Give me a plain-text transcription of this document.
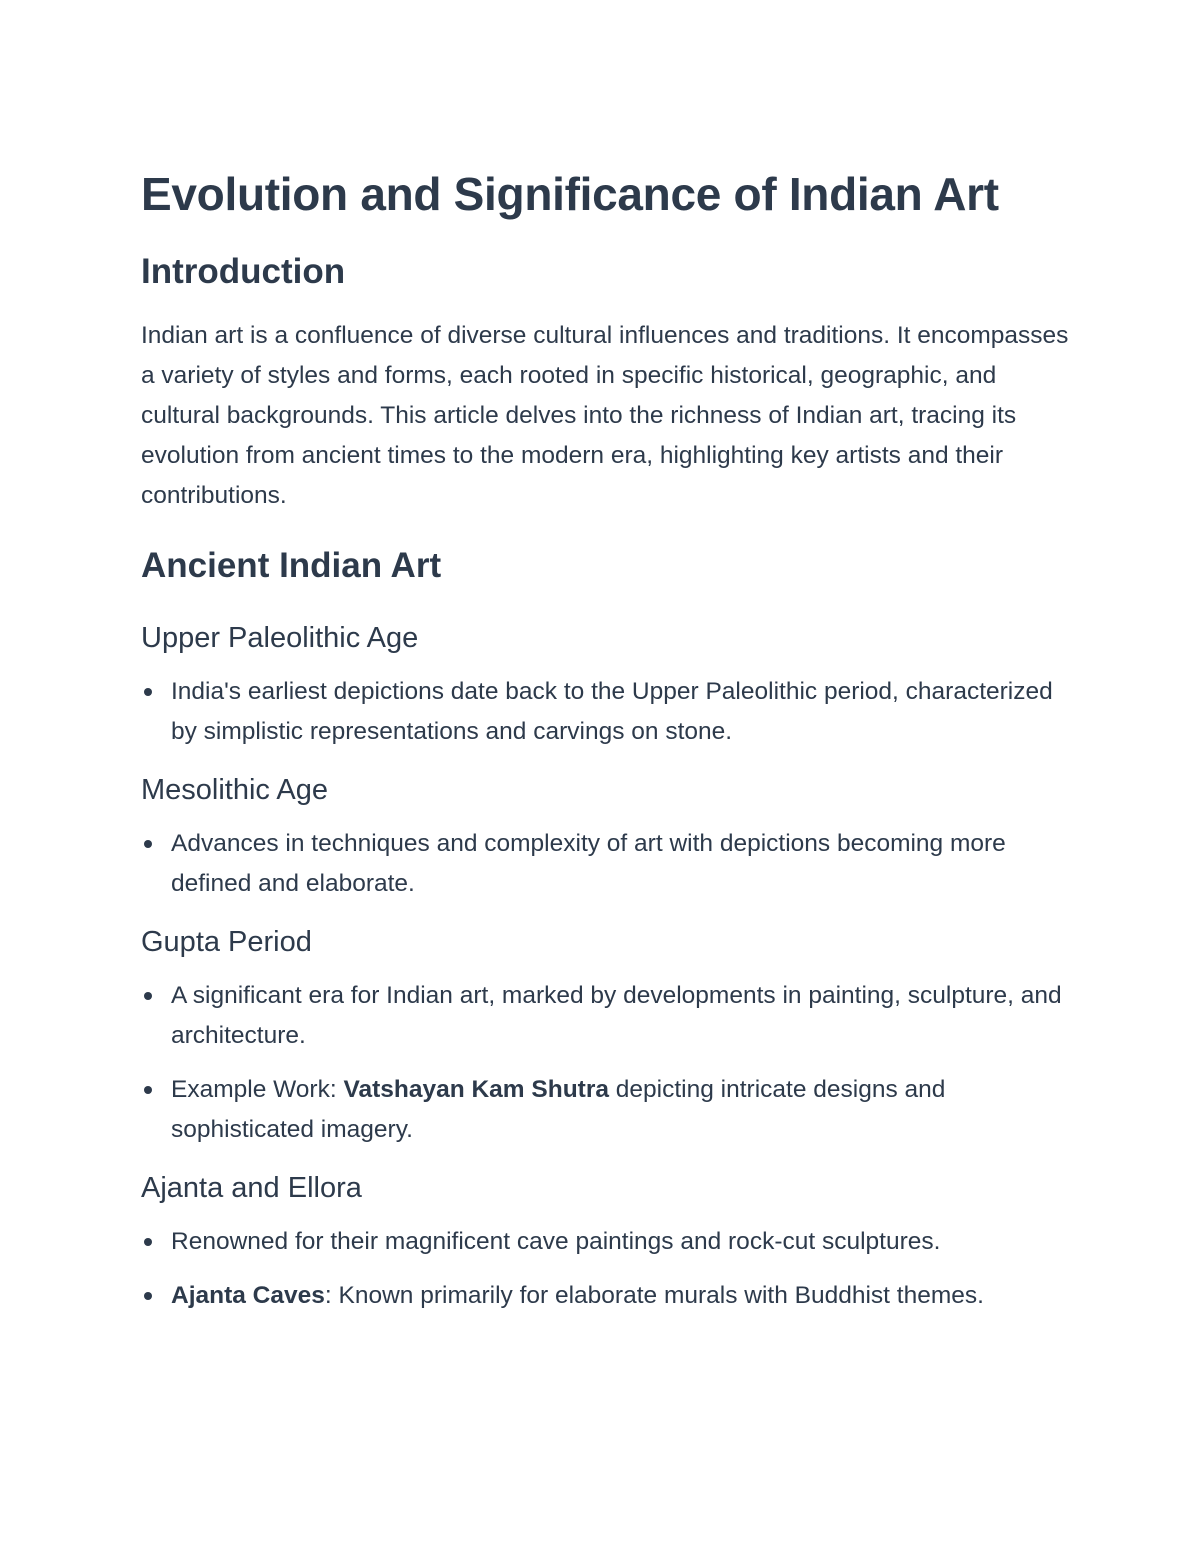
Evolution and Significance of Indian Art
Introduction

Indian art is a confluence of diverse cultural influences and traditions. It encompasses a variety of styles and forms, each rooted in specific historical, geographic, and cultural backgrounds. This article delves into the richness of Indian art, tracing its evolution from ancient times to the modern era, highlighting key artists and their contributions.

Ancient Indian Art
Upper Paleolithic Age
India's earliest depictions date back to the Upper Paleolithic period, characterized by simplistic representations and carvings on stone.
Mesolithic Age
Advances in techniques and complexity of art with depictions becoming more defined and elaborate.
Gupta Period
A significant era for Indian art, marked by developments in painting, sculpture, and architecture.
Example Work: Vatshayan Kam Shutra depicting intricate designs and sophisticated imagery.
Ajanta and Ellora
Renowned for their magnificent cave paintings and rock-cut sculptures.
Ajanta Caves: Known primarily for elaborate murals with Buddhist themes.
